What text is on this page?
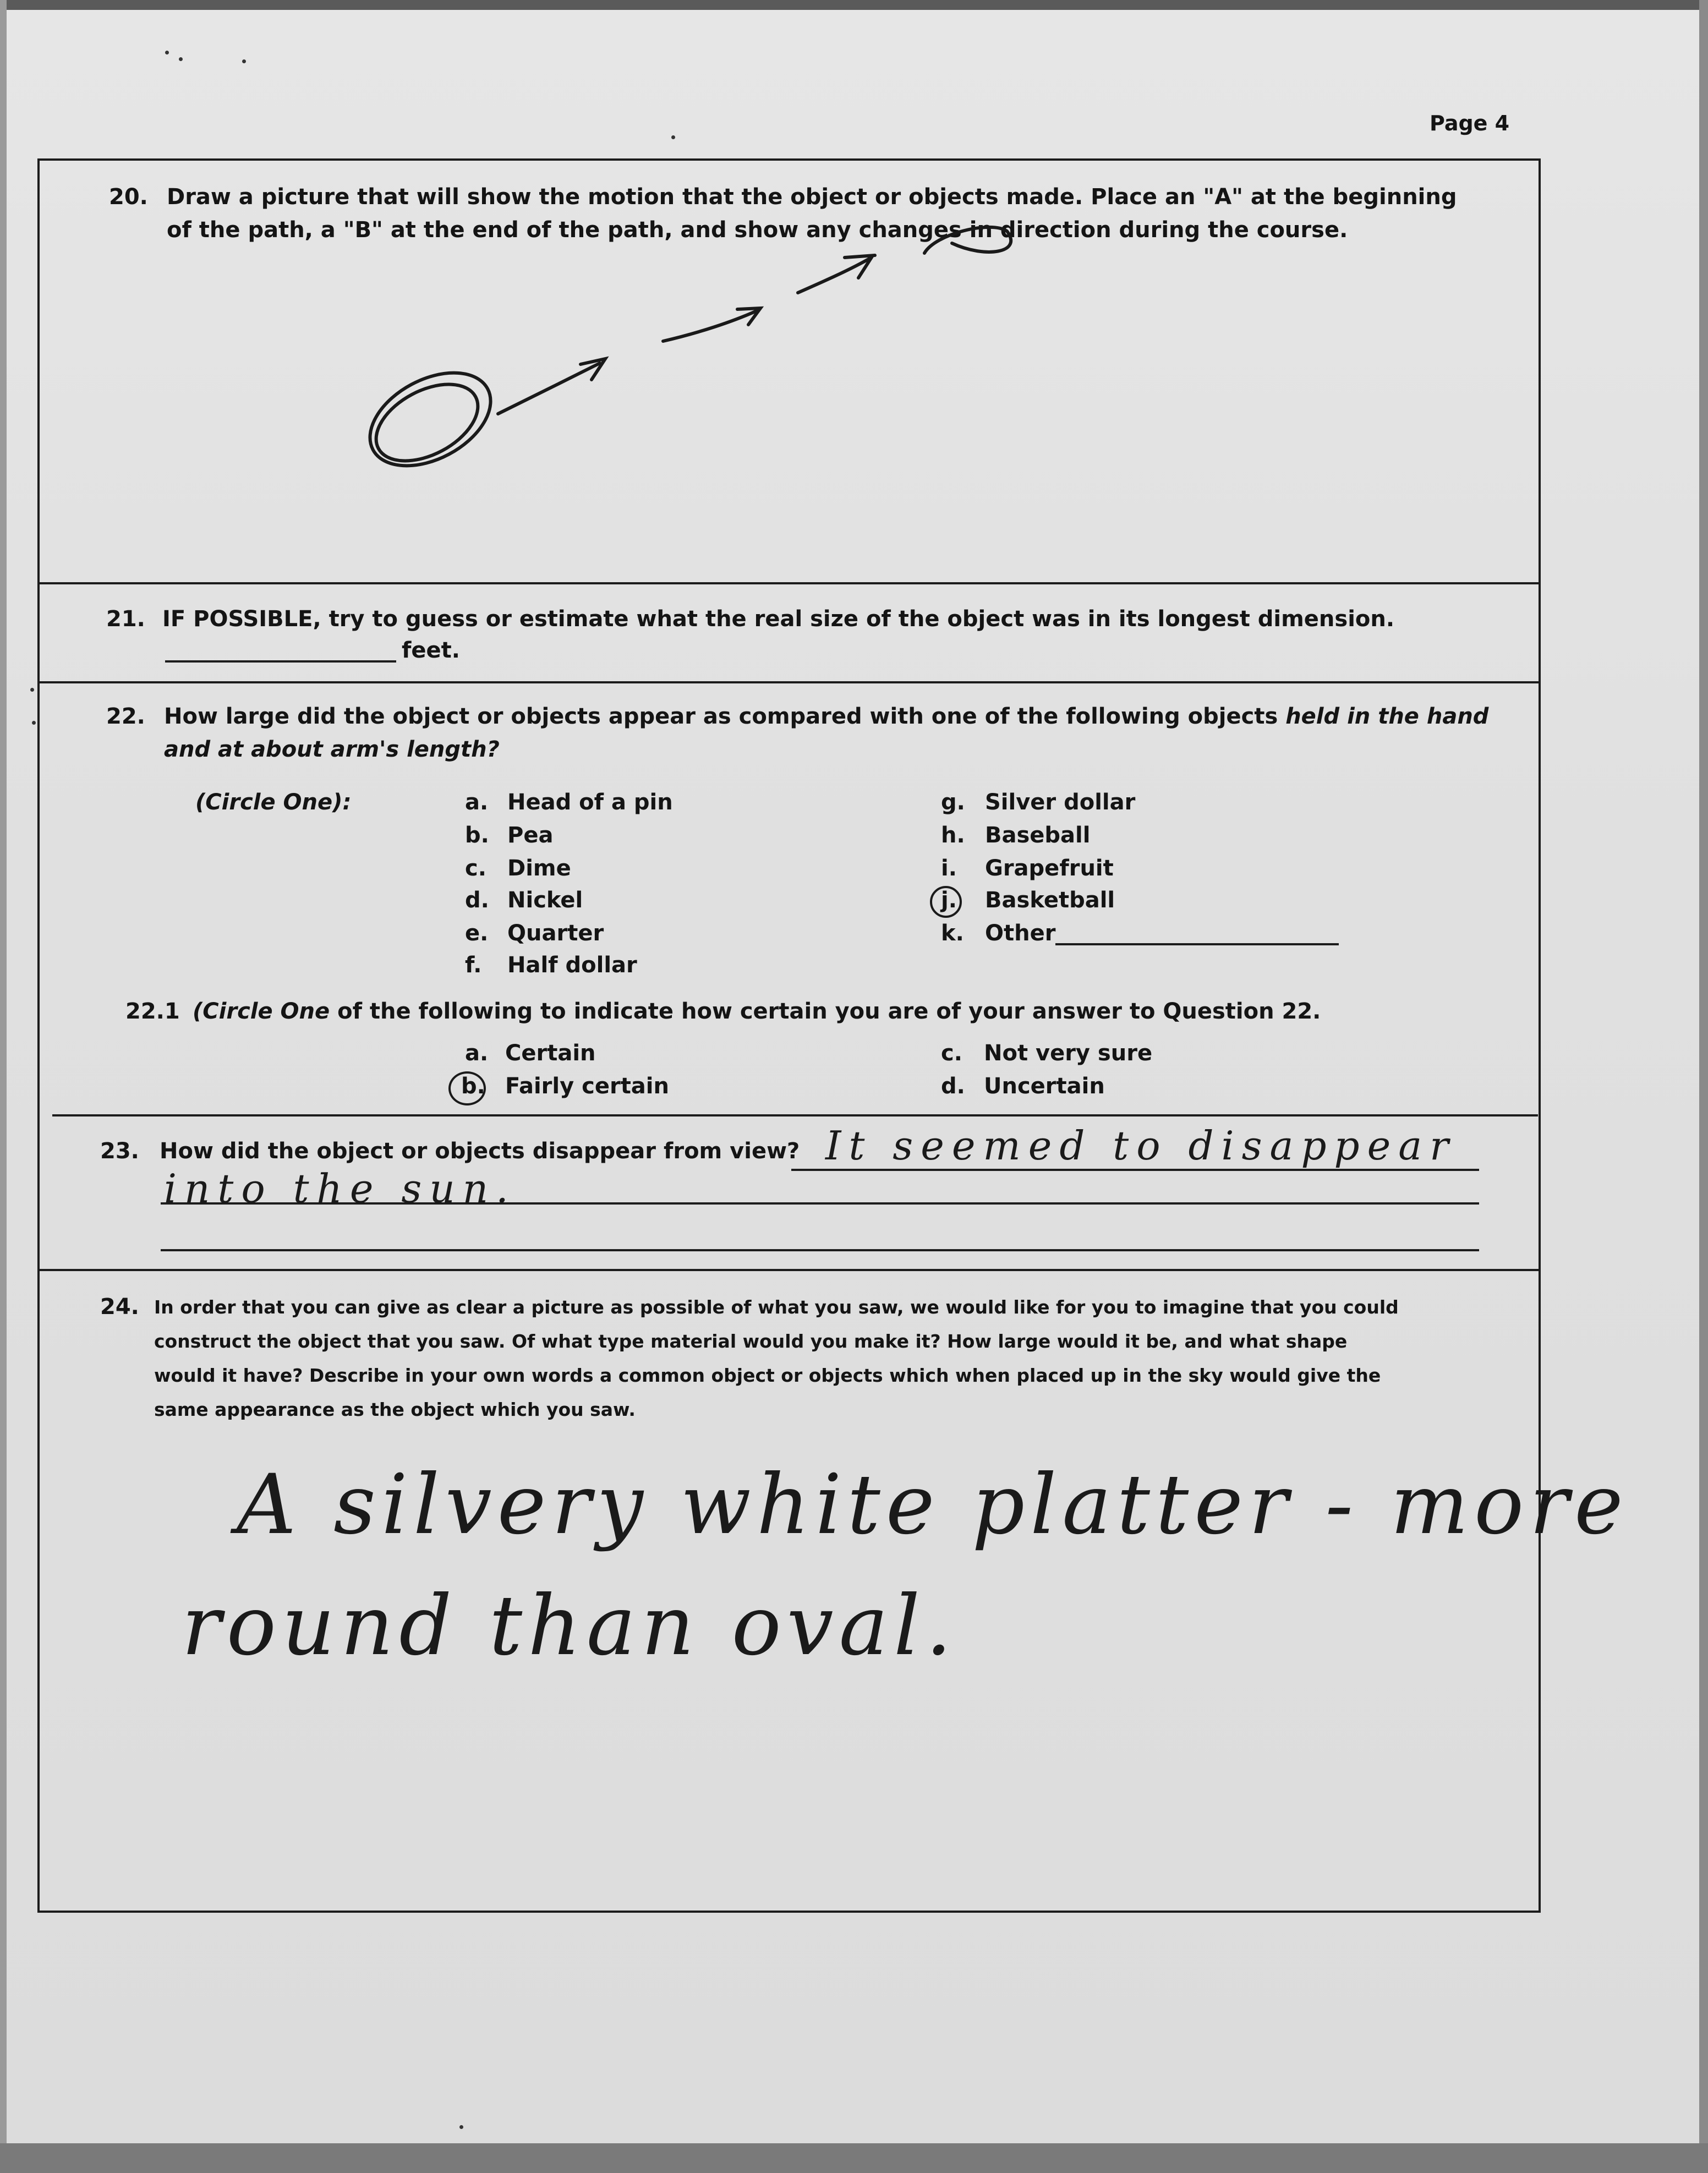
Page 4
20. Draw a picture that will show the motion that the object or objects made. Place an "A" at the beginning
of the path, a "B" at the end of the path, and show any changes in direction during the course.
21. IF POSSIBLE, try to guess or estimate what the real size of the object was in its longest dimension.
feet.
22. How large did the object or objects appear as compared with one of the following objects held in the hand
and at about arm's length?
(Circle One):	a. Head of a pin
b. Pea
c. Dime
d. Nickel
e. Quarter
f. Half dollar
g. Silver dollar
h. Baseball
i. Grapefruit
j. Basketball
k. Other
22.1 (Circle One of the following to indicate how certain you are of your answer to Question 22.
a. Certain
b. Fairly certain
c. Not very sure
d. Uncertain
23. How did the object or objects disappear from view? It seemed to disappear
into the sun.
24. In order that you can give as clear a picture as possible of what you saw, we would like for you to imagine that you could
construct the object that you saw. Of what type material would you make it? How large would it be, and what shape
would it have? Describe in your own words a common object or objects which when placed up in the sky would give the
same appearance as the object which you saw.
A silvery white platter - more
round than oval.
